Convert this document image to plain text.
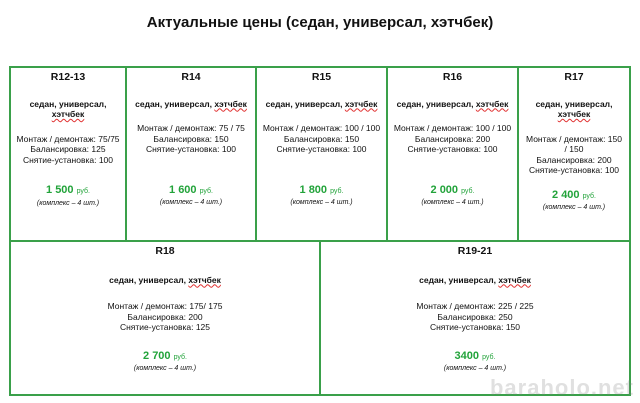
Актуальные цены (седан, универсал, хэтчбек)
R12-13
седан, универсал,
хэтчбек
Монтаж / демонтаж: 75/75
Балансировка: 125
Снятие-установка: 100
1 500 руб.
(комплекс – 4 шт.)
R14
седан, универсал, хэтчбек
Монтаж / демонтаж: 75 / 75
Балансировка: 150
Снятие-установка: 100
1 600 руб.
(комплекс – 4 шт.)
R15
седан, универсал, хэтчбек
Монтаж / демонтаж: 100 / 100
Балансировка: 150
Снятие-установка: 100
1 800 руб.
(комплекс – 4 шт.)
R16
седан, универсал, хэтчбек
Монтаж / демонтаж: 100 / 100
Балансировка: 200
Снятие-установка: 100
2 000 руб.
(комплекс – 4 шт.)
R17
седан, универсал,
хэтчбек
Монтаж / демонтаж: 150 / 150
Балансировка: 200
Снятие-установка: 100
2 400 руб.
(комплекс – 4 шт.)
R18
седан, универсал, хэтчбек
Монтаж / демонтаж: 175/ 175
Балансировка: 200
Снятие-установка: 125
2 700 руб.
(комплекс – 4 шт.)
R19-21
седан, универсал, хэтчбек
Монтаж / демонтаж: 225 / 225
Балансировка: 250
Снятие-установка: 150
3400 руб.
(комплекс – 4 шт.)
baraholo.net
